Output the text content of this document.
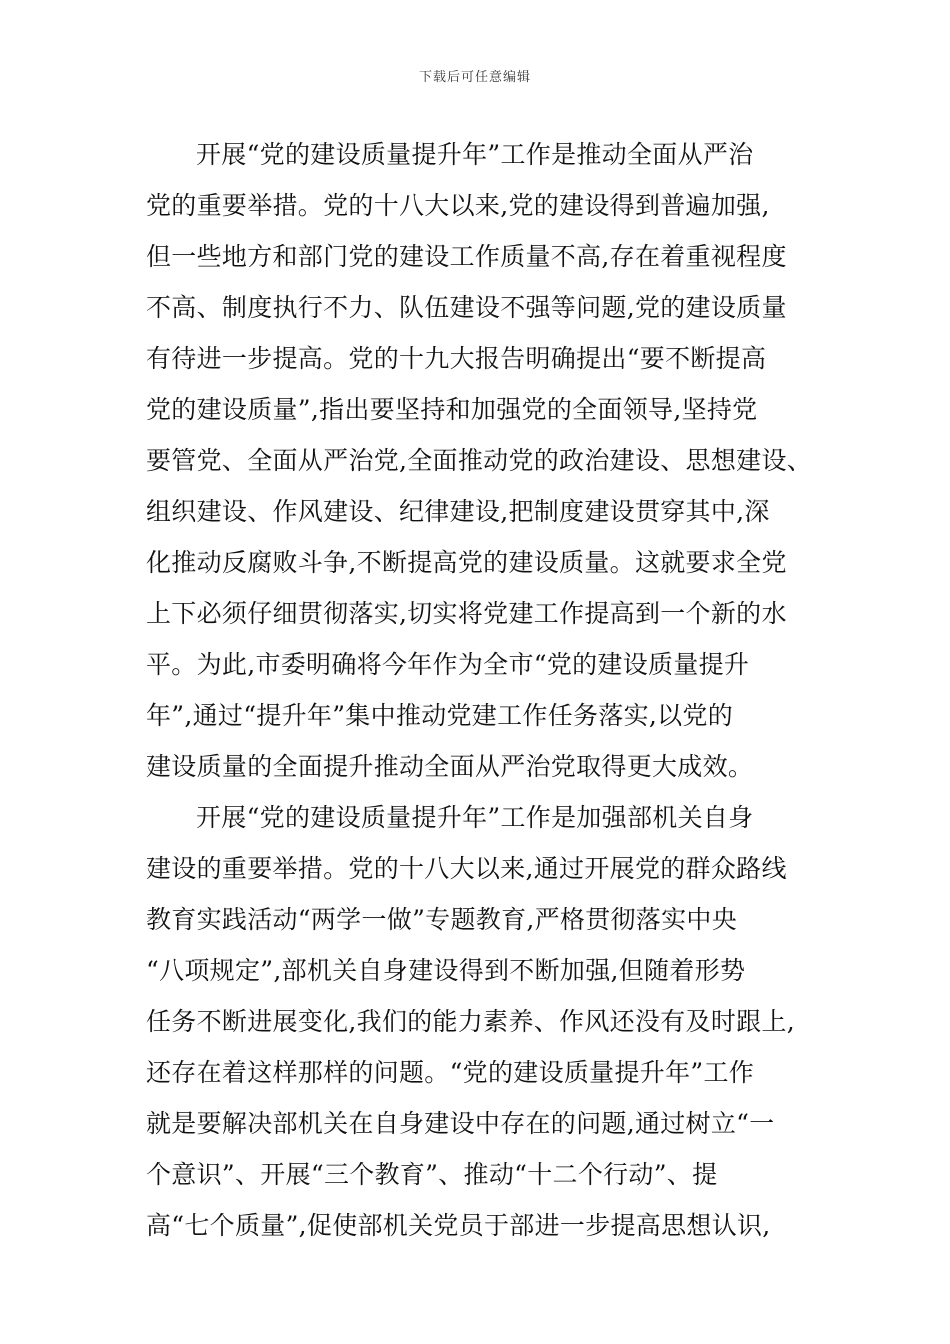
下载后可任意编辑
开展“党的建设质量提升年”工作是推动全面从严治
党的重要举措。党的十八大以来,党的建设得到普遍加强,
但一些地方和部门党的建设工作质量不高,存在着重视程度
不高、制度执行不力、队伍建设不强等问题,党的建设质量
有待进一步提高。党的十九大报告明确提出“要不断提高
党的建设质量”,指出要坚持和加强党的全面领导,坚持党
要管党、全面从严治党,全面推动党的政治建设、思想建设、
组织建设、作风建设、纪律建设,把制度建设贯穿其中,深
化推动反腐败斗争,不断提高党的建设质量。这就要求全党
上下必须仔细贯彻落实,切实将党建工作提高到一个新的水
平。为此,市委明确将今年作为全市“党的建设质量提升
年”,通过“提升年”集中推动党建工作任务落实,以党的
建设质量的全面提升推动全面从严治党取得更大成效。
开展“党的建设质量提升年”工作是加强部机关自身
建设的重要举措。党的十八大以来,通过开展党的群众路线
教育实践活动“两学一做”专题教育,严格贯彻落实中央
“八项规定”,部机关自身建设得到不断加强,但随着形势
任务不断进展变化,我们的能力素养、作风还没有及时跟上,
还存在着这样那样的问题。“党的建设质量提升年”工作
就是要解决部机关在自身建设中存在的问题,通过树立“一
个意识”、开展“三个教育”、推动“十二个行动”、提
高“七个质量”,促使部机关党员于部进一步提高思想认识,
